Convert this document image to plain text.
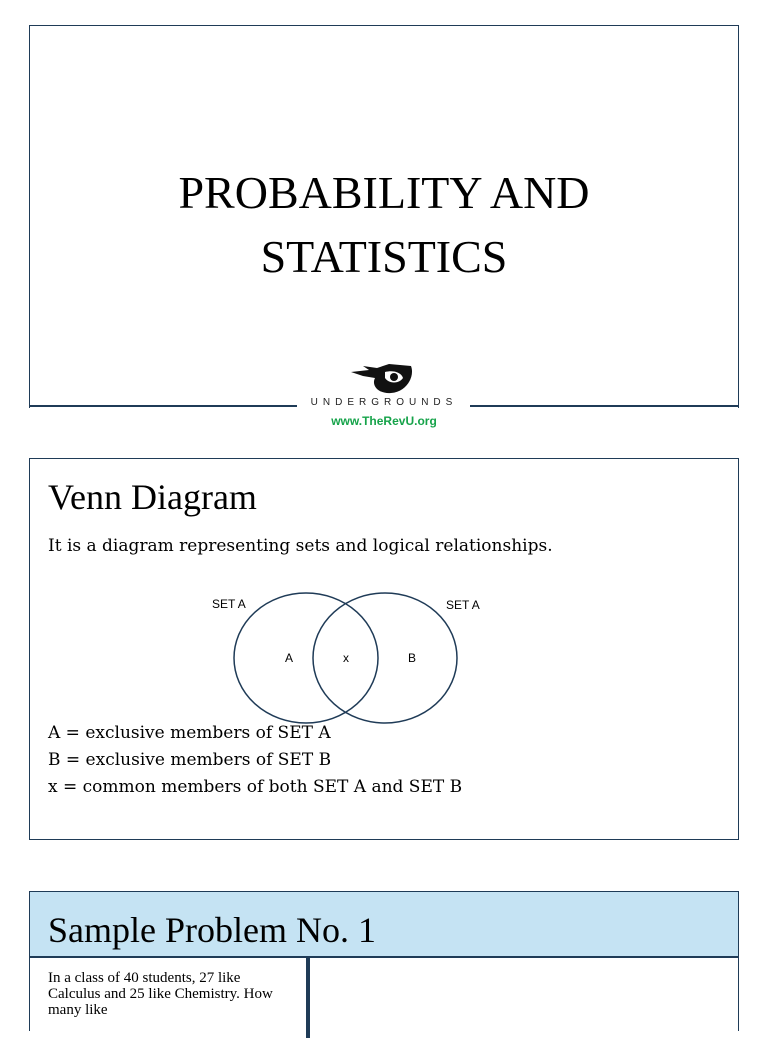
PROBABILITY AND
STATISTICS
UNDERGROUNDS
www.TheRevU.org
Venn Diagram
It is a diagram representing sets and logical relationships.
SET A	SET A
A	x	B
A = exclusive members of SET A
B = exclusive members of SET B
x = common members of both SET A and SET B
Sample Problem No. 1
In a class of 40 students, 27 like Calculus and 25 like Chemistry. How many like
